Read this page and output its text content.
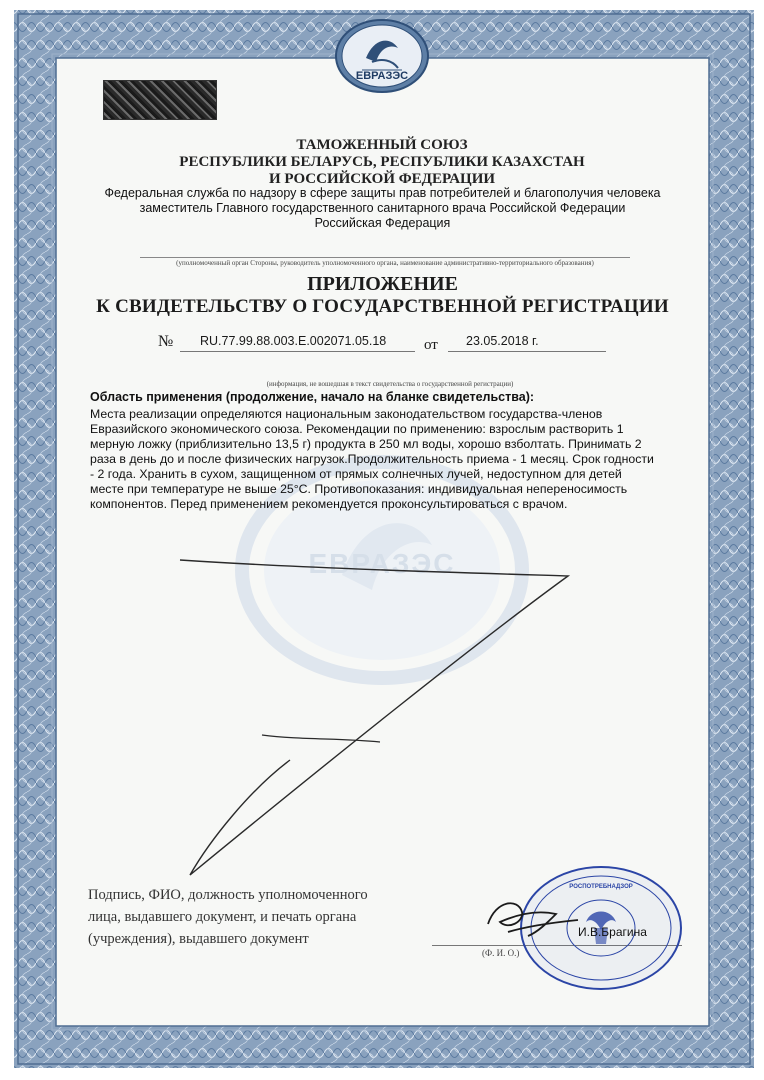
ЕВРАЗЭС
ТАМОЖЕННЫЙ СОЮЗ
РЕСПУБЛИКИ БЕЛАРУСЬ, РЕСПУБЛИКИ КАЗАХСТАН
И РОССИЙСКОЙ ФЕДЕРАЦИИ
Федеральная служба по надзору в сфере защиты прав потребителей и благополучия человека
заместитель Главного государственного санитарного врача Российской Федерации
Российская Федерация
(уполномоченный орган Стороны, руководитель уполномоченного органа, наименование административно-территориального образования)
ПРИЛОЖЕНИЕ
К СВИДЕТЕЛЬСТВУ О ГОСУДАРСТВЕННОЙ РЕГИСТРАЦИИ
№ RU.77.99.88.003.E.002071.05.18	от 23.05.2018 г.
(информация, не вошедшая в текст свидетельства о государственной регистрации)
ЕВРАЗЭС
Область применения (продолжение, начало на бланке свидетельства):
Места реализации определяются национальным законодательством государства-членов
Евразийского экономического союза. Рекомендации по применению: взрослым растворить 1
мерную ложку (приблизительно 13,5 г) продукта в 250 мл воды, хорошо взболтать. Принимать 2
раза в день до и после физических нагрузок.Продолжительность приема - 1 месяц. Срок годности
- 2 года. Хранить в сухом, защищенном от прямых солнечных лучей, недоступном для детей
месте при температуре не выше 25°С. Противопоказания: индивидуальная непереносимость
компонентов. Перед применением рекомендуется проконсультироваться с врачом.
Подпись, ФИО, должность уполномоченного
лица, выдавшего документ, и печать органа
(учреждения), выдавшего документ
(Ф. И. О.)
РОСПОТРЕБНАДЗОР
И.В.Брагина
